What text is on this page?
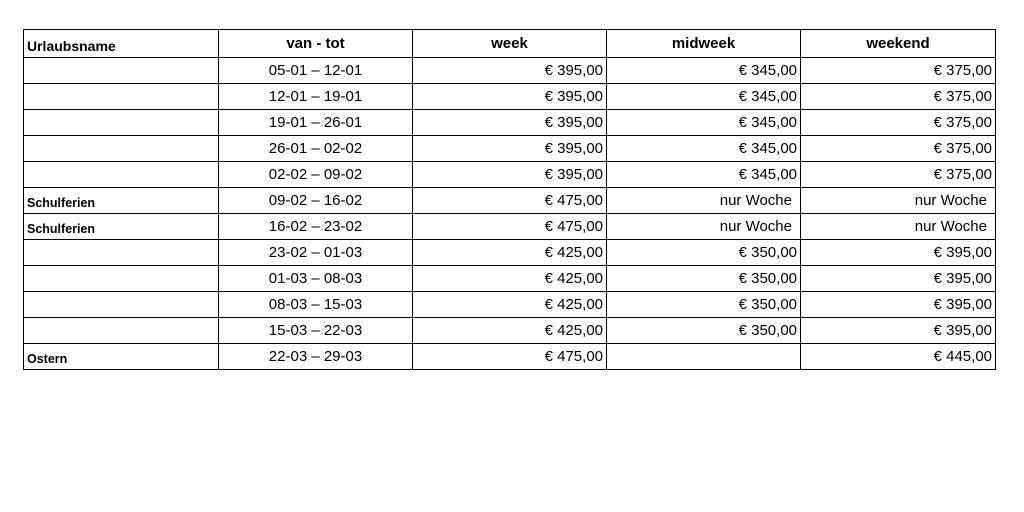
Urlaubsname	van - tot	week	midweek	weekend
	05-01 – 12-01	€ 395,00	€ 345,00	€ 375,00
	12-01 – 19-01	€ 395,00	€ 345,00	€ 375,00
	19-01 – 26-01	€ 395,00	€ 345,00	€ 375,00
	26-01 – 02-02	€ 395,00	€ 345,00	€ 375,00
	02-02 – 09-02	€ 395,00	€ 345,00	€ 375,00
Schulferien	09-02 – 16-02	€ 475,00	nur Woche	nur Woche
Schulferien	16-02 – 23-02	€ 475,00	nur Woche	nur Woche
	23-02 – 01-03	€ 425,00	€ 350,00	€ 395,00
	01-03 – 08-03	€ 425,00	€ 350,00	€ 395,00
	08-03 – 15-03	€ 425,00	€ 350,00	€ 395,00
	15-03 – 22-03	€ 425,00	€ 350,00	€ 395,00
Ostern	22-03 – 29-03	€ 475,00		€ 445,00
